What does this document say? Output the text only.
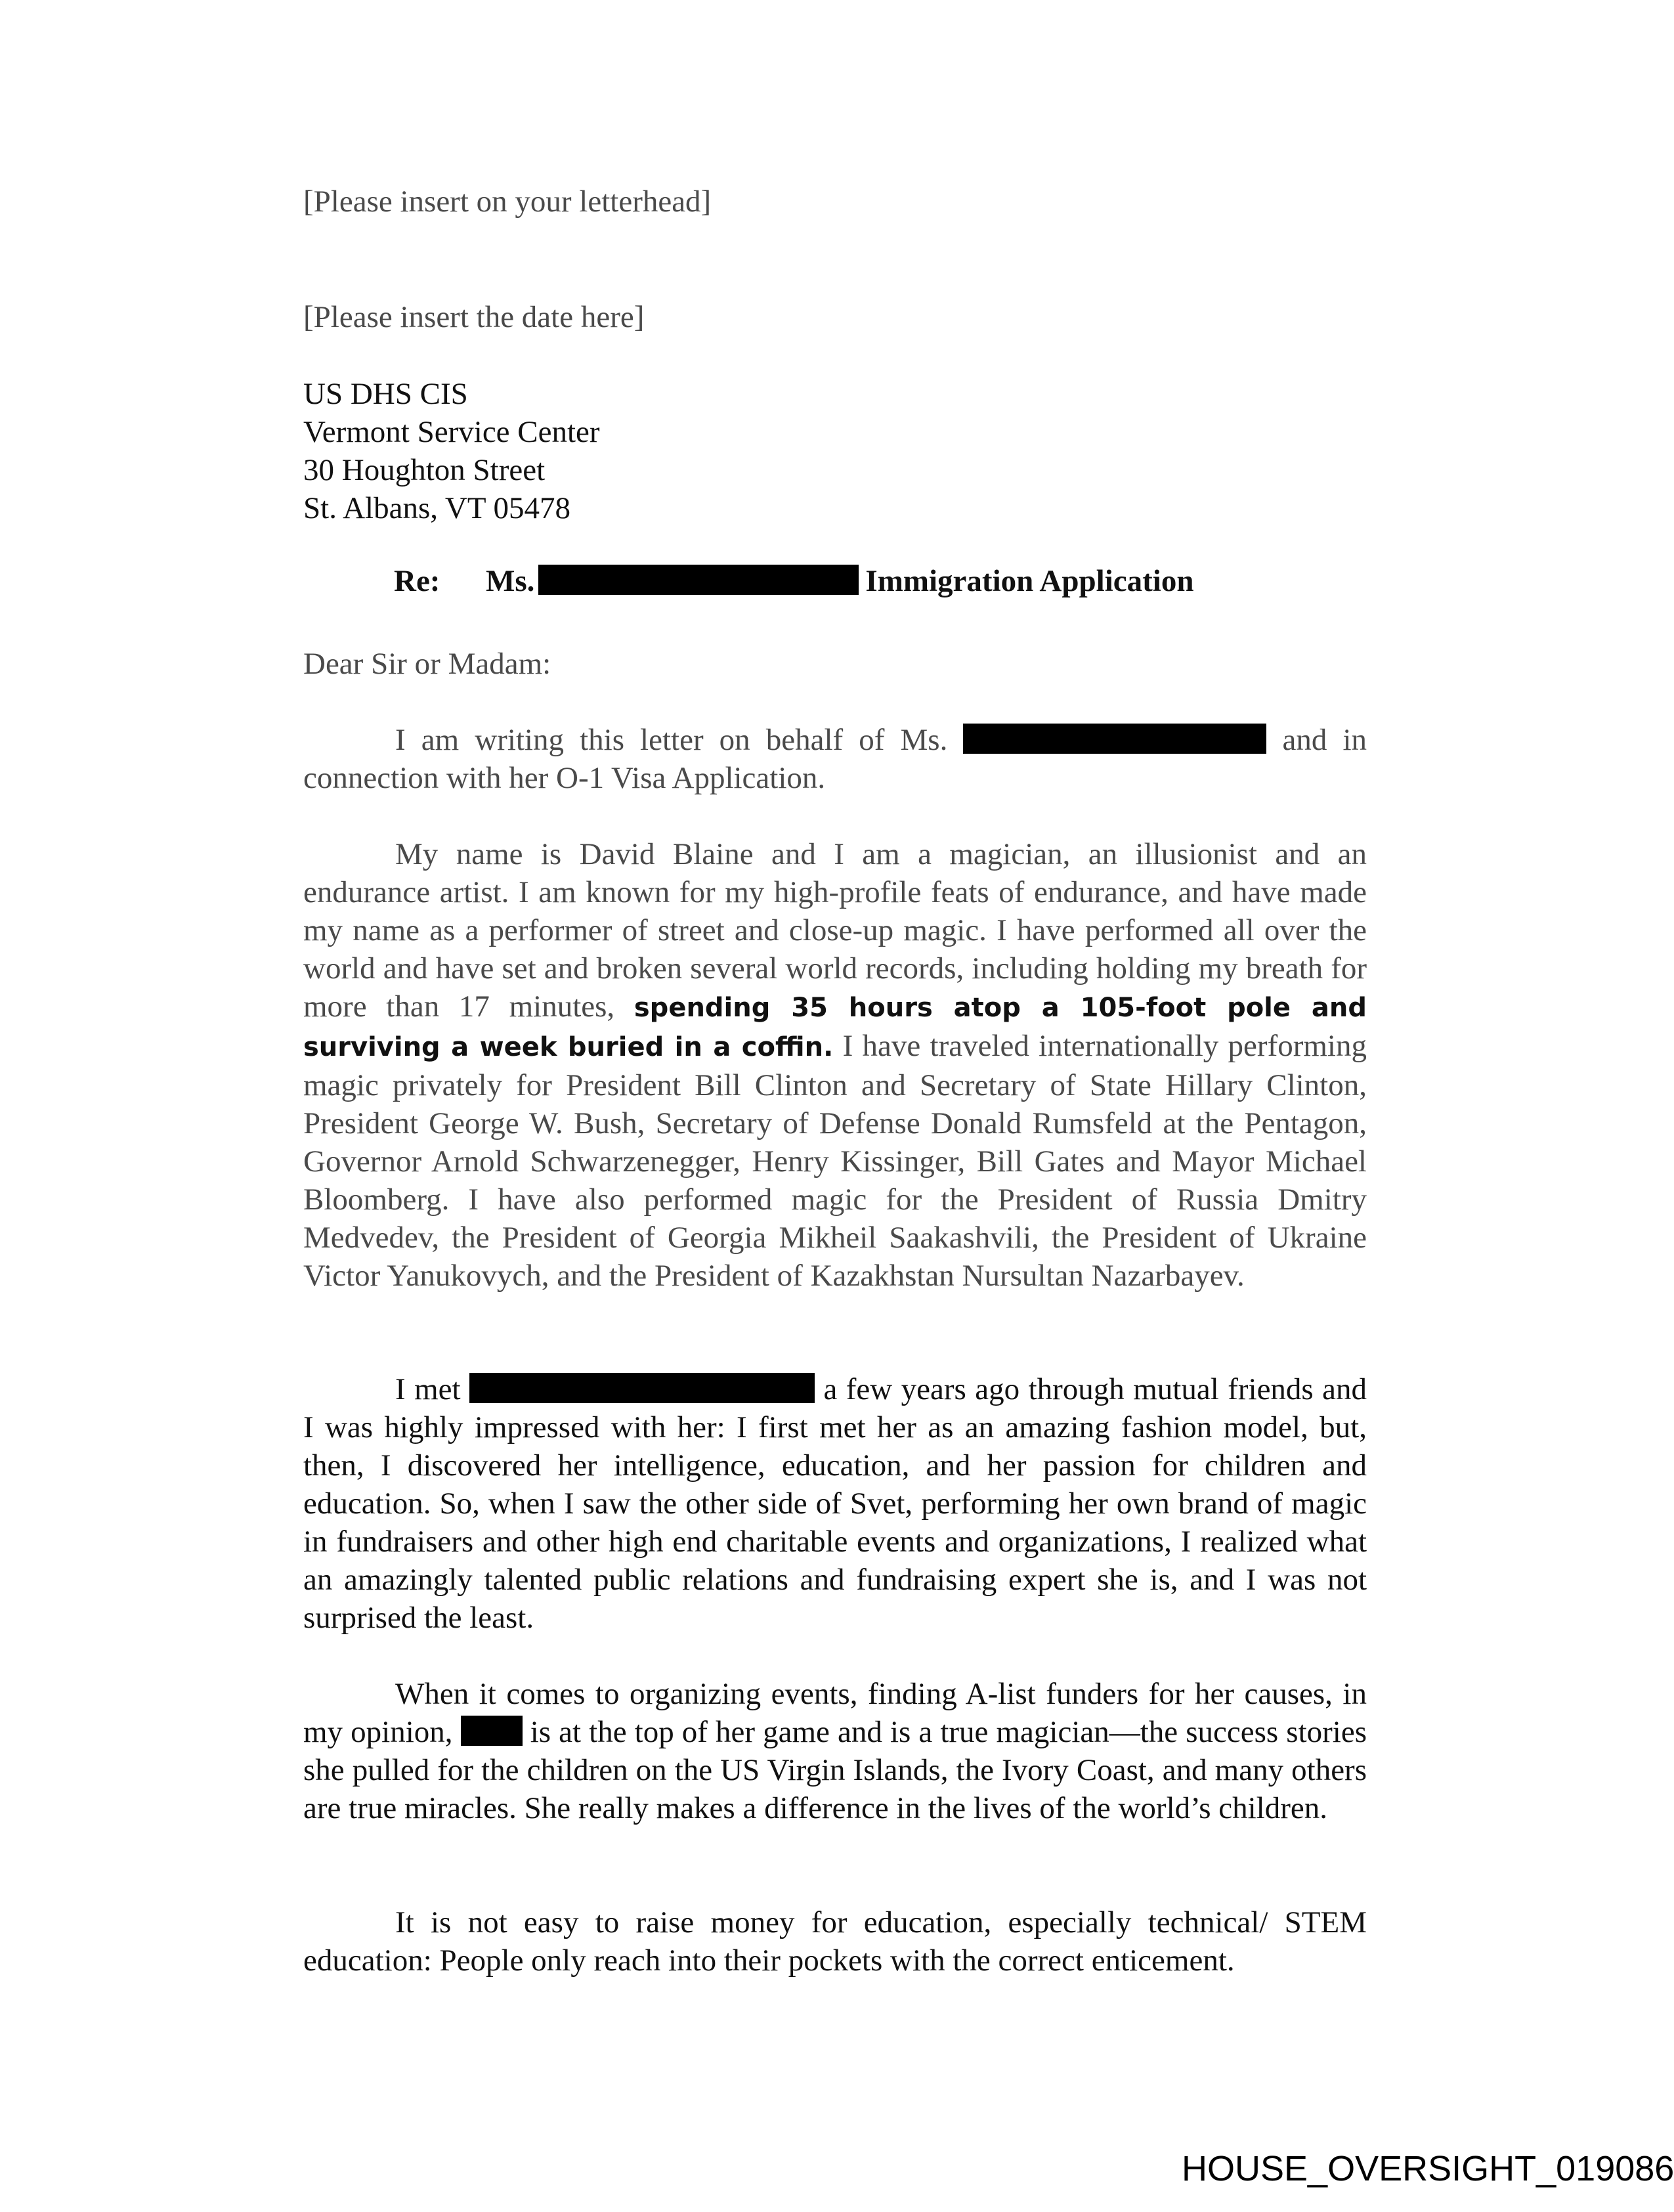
[Please insert on your letterhead]
[Please insert the date here]
US DHS CIS
Vermont Service Center
30 Houghton Street
St. Albans, VT 05478
Re: Ms.	Immigration Application
Dear Sir or Madam:

I am writing this letter on behalf of Ms.	and in connection with her O-1 Visa Application.

My name is David Blaine and I am a magician, an illusionist and an endurance artist. I am known for my high-profile feats of endurance, and have made my name as a performer of street and close-up magic. I have performed all over the world and have set and broken several world records, including holding my breath for more than 17 minutes, spending 35 hours atop a 105-foot pole and surviving a week buried in a coffin. I have traveled internationally performing magic privately for President Bill Clinton and Secretary of State Hillary Clinton, President George W. Bush, Secretary of Defense Donald Rumsfeld at the Pentagon, Governor Arnold Schwarzenegger, Henry Kissinger, Bill Gates and Mayor Michael Bloomberg. I have also performed magic for the President of Russia Dmitry Medvedev, the President of Georgia Mikheil Saakashvili, the President of Ukraine Victor Yanukovych, and the President of Kazakhstan Nursultan Nazarbayev.

I met	a few years ago through mutual friends and I was highly impressed with her: I first met her as an amazing fashion model, but, then, I discovered her intelligence, education, and her passion for children and education. So, when I saw the other side of Svet, performing her own brand of magic in fundraisers and other high end charitable events and organizations, I realized what an amazingly talented public relations and fundraising expert she is, and I was not surprised the least.

When it comes to organizing events, finding A-list funders for her causes, in my opinion,	is at the top of her game and is a true magician—the success stories she pulled for the children on the US Virgin Islands, the Ivory Coast, and many others are true miracles. She really makes a difference in the lives of the world’s children.

It is not easy to raise money for education, especially technical/ STEM education: People only reach into their pockets with the correct enticement.

HOUSE_OVERSIGHT_019086
